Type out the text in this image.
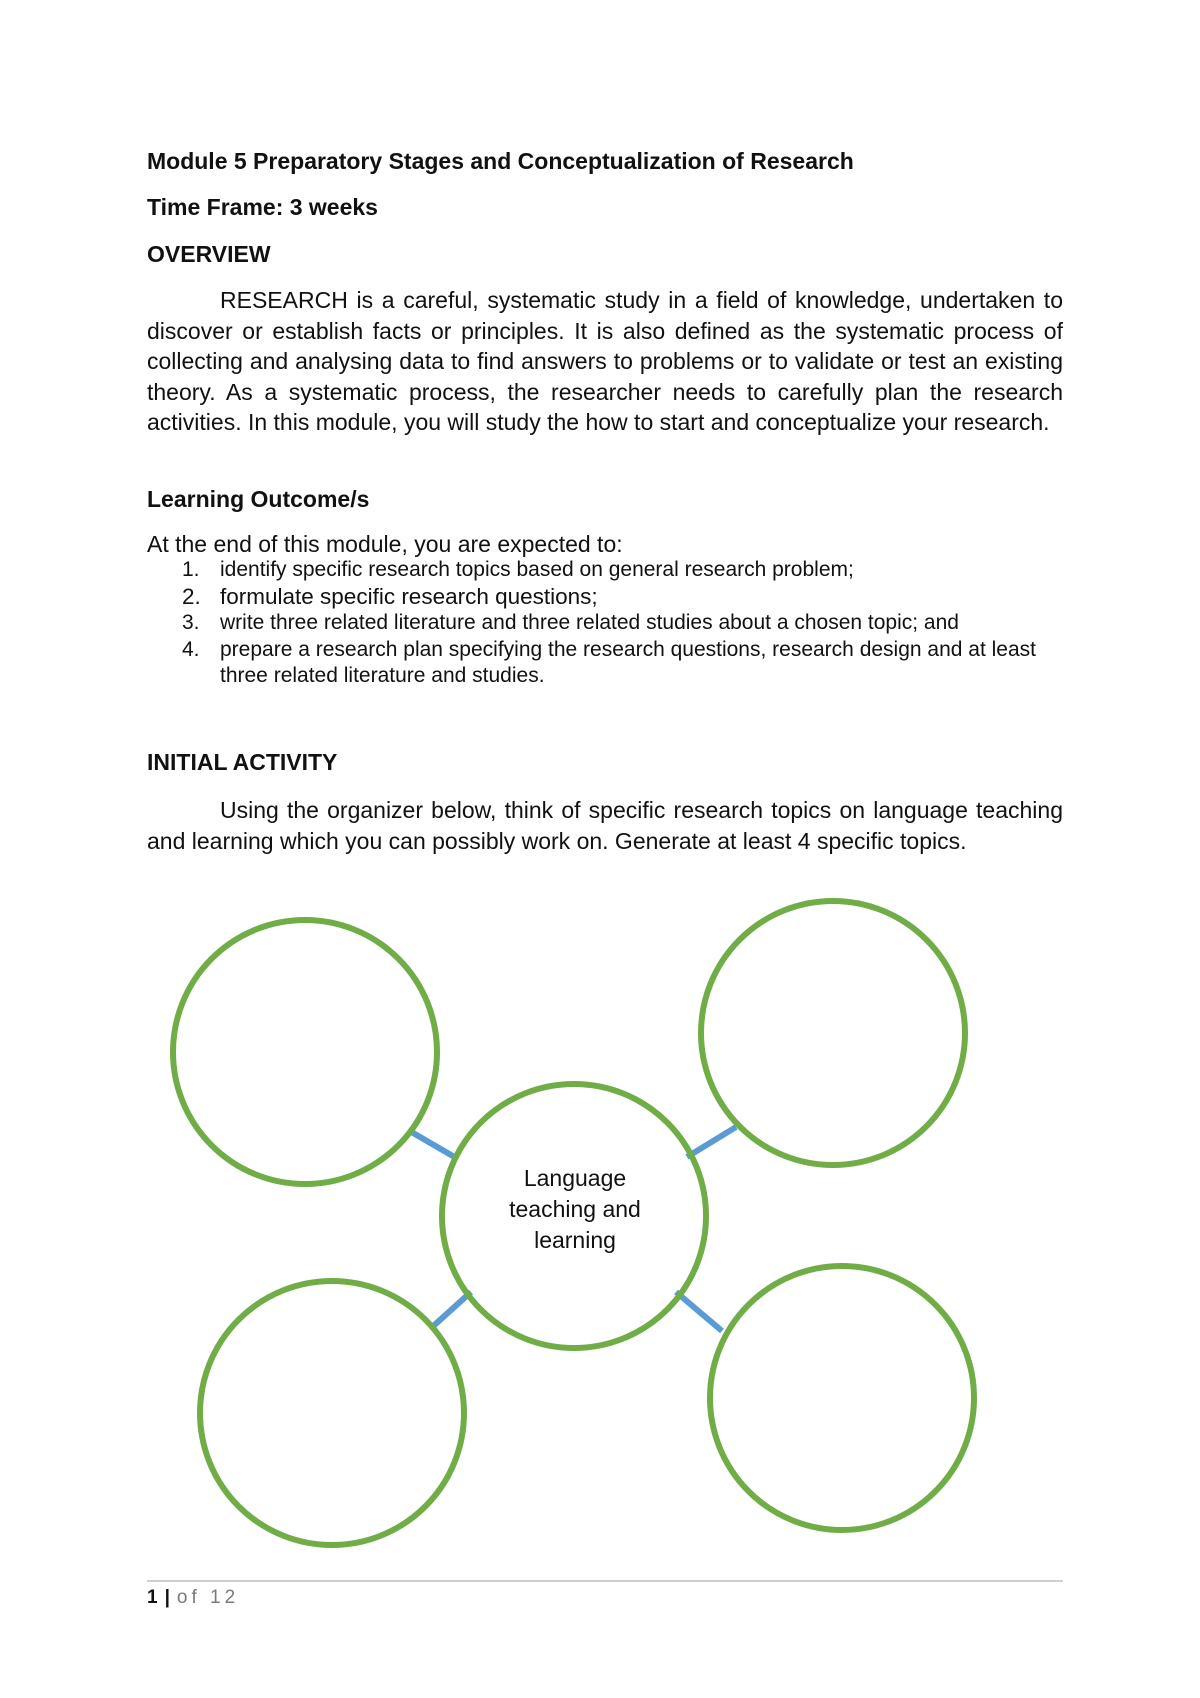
Module 5 Preparatory Stages and Conceptualization of Research
Time Frame: 3 weeks
OVERVIEW
RESEARCH is a careful, systematic study in a field of knowledge, undertaken to discover or establish facts or principles. It is also defined as the systematic process of collecting and analysing data to find answers to problems or to validate or test an existing theory. As a systematic process, the researcher needs to carefully plan the research activities. In this module, you will study the how to start and conceptualize your research.
Learning Outcome/s
At the end of this module, you are expected to:
1. identify specific research topics based on general research problem;
2. formulate specific research questions;
3. write three related literature and three related studies about a chosen topic; and
4. prepare a research plan specifying the research questions, research design and at least three related literature and studies.
INITIAL ACTIVITY
Using the organizer below, think of specific research topics on language teaching and learning which you can possibly work on. Generate at least 4 specific topics.
Language teaching and learning
1 | of 12
